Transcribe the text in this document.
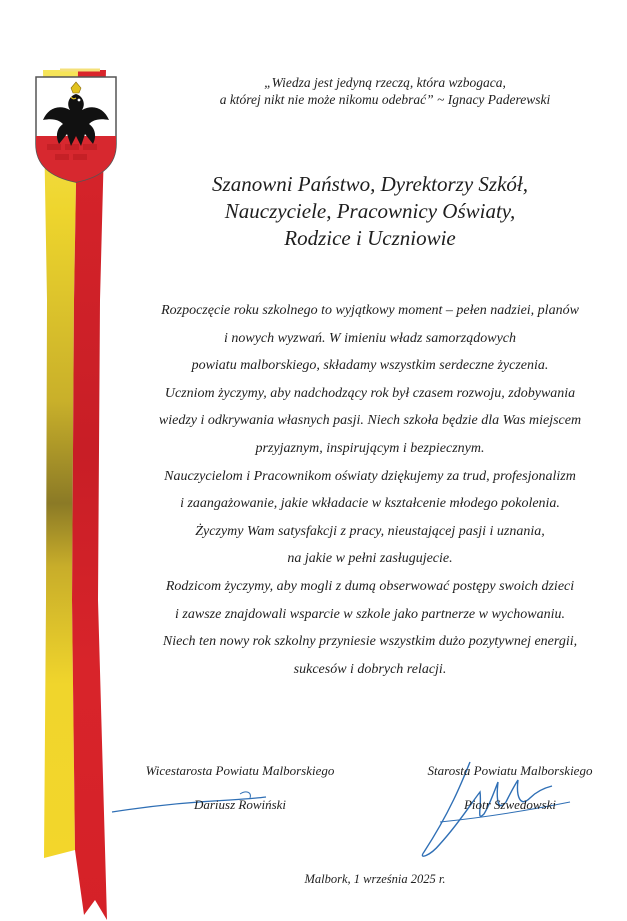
„Wiedza jest jedyną rzeczą, która wzbogaca,
a której nikt nie może nikomu odebrać” ~ Ignacy Paderewski
Szanowni Państwo, Dyrektorzy Szkół,
Nauczyciele, Pracownicy Oświaty,
Rodzice i Uczniowie
Rozpoczęcie roku szkolnego to wyjątkowy moment – pełen nadziei, planów
i nowych wyzwań. W imieniu władz samorządowych
powiatu malborskiego, składamy wszystkim serdeczne życzenia.
Uczniom życzymy, aby nadchodzący rok był czasem rozwoju, zdobywania
wiedzy i odkrywania własnych pasji. Niech szkoła będzie dla Was miejscem
przyjaznym, inspirującym i bezpiecznym.
Nauczycielom i Pracownikom oświaty dziękujemy za trud, profesjonalizm
i zaangażowanie, jakie wkładacie w kształcenie młodego pokolenia.
Życzymy Wam satysfakcji z pracy, nieustającej pasji i uznania,
na jakie w pełni zasługujecie.
Rodzicom życzymy, aby mogli z dumą obserwować postępy swoich dzieci
i zawsze znajdowali wsparcie w szkole jako partnerze w wychowaniu.
Niech ten nowy rok szkolny przyniesie wszystkim dużo pozytywnej energii,
sukcesów i dobrych relacji.
Wicestarosta Powiatu Malborskiego
Dariusz Rowiński
Starosta Powiatu Malborskiego
Piotr Szwedowski
Malbork, 1 września 2025 r.
